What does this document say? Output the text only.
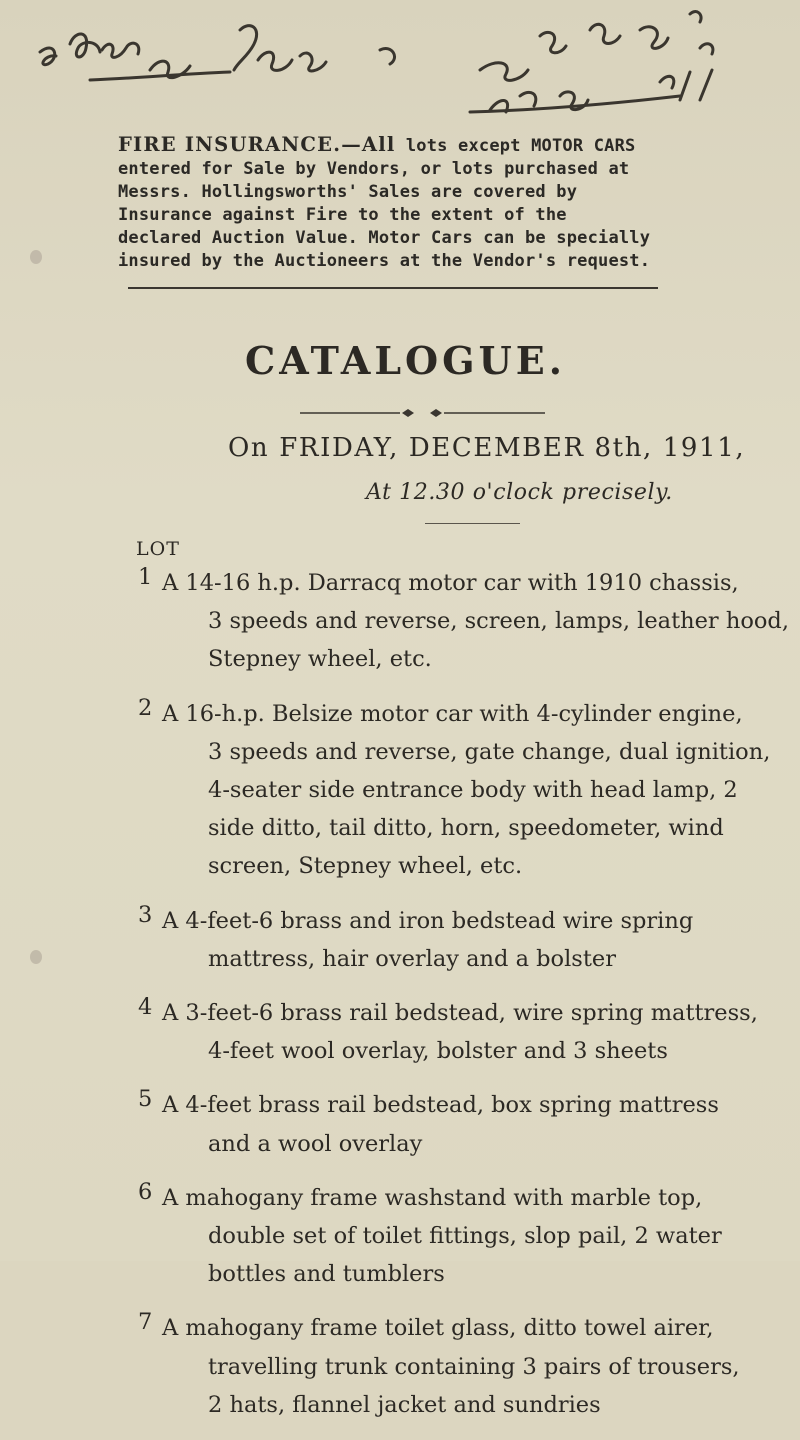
FIRE INSURANCE.—All lots except MOTOR CARS
entered for Sale by Vendors, or lots purchased at
Messrs. Hollingsworths' Sales are covered by
Insurance against Fire to the extent of the
declared Auction Value. Motor Cars can be specially
insured by the Auctioneers at the Vendor's request.
CATALOGUE.
On FRIDAY, DECEMBER 8th, 1911,
At 12.30 o'clock precisely.
LOT
1 A 14-16 h.p. Darracq motor car with 1910 chassis,
3 speeds and reverse, screen, lamps, leather hood,
Stepney wheel, etc.
2 A 16-h.p. Belsize motor car with 4-cylinder engine,
3 speeds and reverse, gate change, dual ignition,
4-seater side entrance body with head lamp, 2
side ditto, tail ditto, horn, speedometer, wind
screen, Stepney wheel, etc.
3 A 4-feet-6 brass and iron bedstead wire spring
mattress, hair overlay and a bolster
4 A 3-feet-6 brass rail bedstead, wire spring mattress,
4-feet wool overlay, bolster and 3 sheets
5 A 4-feet brass rail bedstead, box spring mattress
and a wool overlay
6 A mahogany frame washstand with marble top,
double set of toilet fittings, slop pail, 2 water
bottles and tumblers
7 A mahogany frame toilet glass, ditto towel airer,
travelling trunk containing 3 pairs of trousers,
2 hats, flannel jacket and sundries
